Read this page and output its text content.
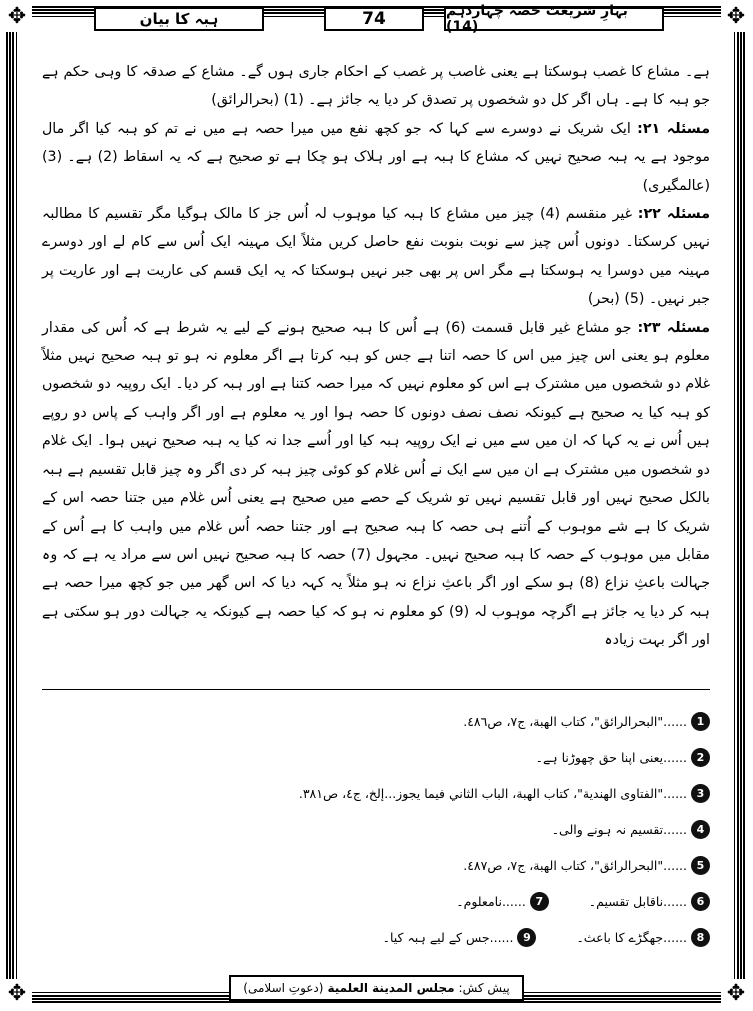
✥	✥
✥	✥
ہبہ کا بیان	74	بہارِ شریعت حصہ چہاردہم (14)

ہے۔ مشاع کا غصب ہوسکتا ہے یعنی غاصب پر غصب کے احکام جاری ہوں گے۔ مشاع کے صدقہ کا وہی حکم ہے جو ہبہ کا ہے۔ ہاں اگر کل دو شخصوں پر تصدق کر دیا یہ جائز ہے۔ (1) (بحرالرائق)

مسئلہ ۲۱: ایک شریک نے دوسرے سے کہا کہ جو کچھ نفع میں میرا حصہ ہے میں نے تم کو ہبہ کیا اگر مال موجود ہے یہ ہبہ صحیح نہیں کہ مشاع کا ہبہ ہے اور ہلاک ہو چکا ہے تو صحیح ہے کہ یہ اسقاط (2) ہے۔ (3) (عالمگیری)

مسئلہ ۲۲: غیر منقسم (4) چیز میں مشاع کا ہبہ کیا موہوب لہ اُس جز کا مالک ہوگیا مگر تقسیم کا مطالبہ نہیں کرسکتا۔ دونوں اُس چیز سے نوبت بنوبت نفع حاصل کریں مثلاً ایک مہینہ ایک اُس سے کام لے اور دوسرے مہینہ میں دوسرا یہ ہوسکتا ہے مگر اس پر بھی جبر نہیں ہوسکتا کہ یہ ایک قسم کی عاریت ہے اور عاریت پر جبر نہیں۔ (5) (بحر)

مسئلہ ۲۳: جو مشاع غیر قابل قسمت (6) ہے اُس کا ہبہ صحیح ہونے کے لیے یہ شرط ہے کہ اُس کی مقدار معلوم ہو یعنی اس چیز میں اس کا حصہ اتنا ہے جس کو ہبہ کرتا ہے اگر معلوم نہ ہو تو ہبہ صحیح نہیں مثلاً غلام دو شخصوں میں مشترک ہے اس کو معلوم نہیں کہ میرا حصہ کتنا ہے اور ہبہ کر دیا۔ ایک روپیہ دو شخصوں کو ہبہ کیا یہ صحیح ہے کیونکہ نصف نصف دونوں کا حصہ ہوا اور یہ معلوم ہے اور اگر واہب کے پاس دو روپے ہیں اُس نے یہ کہا کہ ان میں سے میں نے ایک روپیہ ہبہ کیا اور اُسے جدا نہ کیا یہ ہبہ صحیح نہیں ہوا۔ ایک غلام دو شخصوں میں مشترک ہے ان میں سے ایک نے اُس غلام کو کوئی چیز ہبہ کر دی اگر وہ چیز قابل تقسیم ہے ہبہ بالکل صحیح نہیں اور قابل تقسیم نہیں تو شریک کے حصے میں صحیح ہے یعنی اُس غلام میں جتنا حصہ اس کے شریک کا ہے شے موہوب کے اُتنے ہی حصہ کا ہبہ صحیح ہے اور جتنا حصہ اُس غلام میں واہب کا ہے اُس کے مقابل میں موہوب کے حصہ کا ہبہ صحیح نہیں۔ مجہول (7) حصہ کا ہبہ صحیح نہیں اس سے مراد یہ ہے کہ وہ جہالت باعثِ نزاع (8) ہو سکے اور اگر باعثِ نزاع نہ ہو مثلاً یہ کہہ دیا کہ اس گھر میں جو کچھ میرا حصہ ہے ہبہ کر دیا یہ جائز ہے اگرچہ موہوب لہ (9) کو معلوم نہ ہو کہ کیا حصہ ہے کیونکہ یہ جہالت دور ہو سکتی ہے اور اگر بہت زیادہ

1
......
"البحرالرائق"، کتاب الهبة، ج٧، ص٤٨٦.
2
......
یعنی اپنا حق چھوڑنا ہے۔
3
......
"الفتاوى الهندية"، كتاب الهبة، الباب الثاني فيما يجوز...إلخ، ج٤، ص٣٨١.
4
......
تقسیم نہ ہونے والی۔
5
......
"البحرالرائق"، کتاب الهبة، ج٧، ص٤٨٧.
6
......
ناقابل تقسیم۔
7
......
نامعلوم۔
8
......
جھگڑے کا باعث۔
9
......
جس کے لیے ہبہ کیا۔
پیش کش:
مجلس المدينة العلمية
(دعوتِ اسلامی)
